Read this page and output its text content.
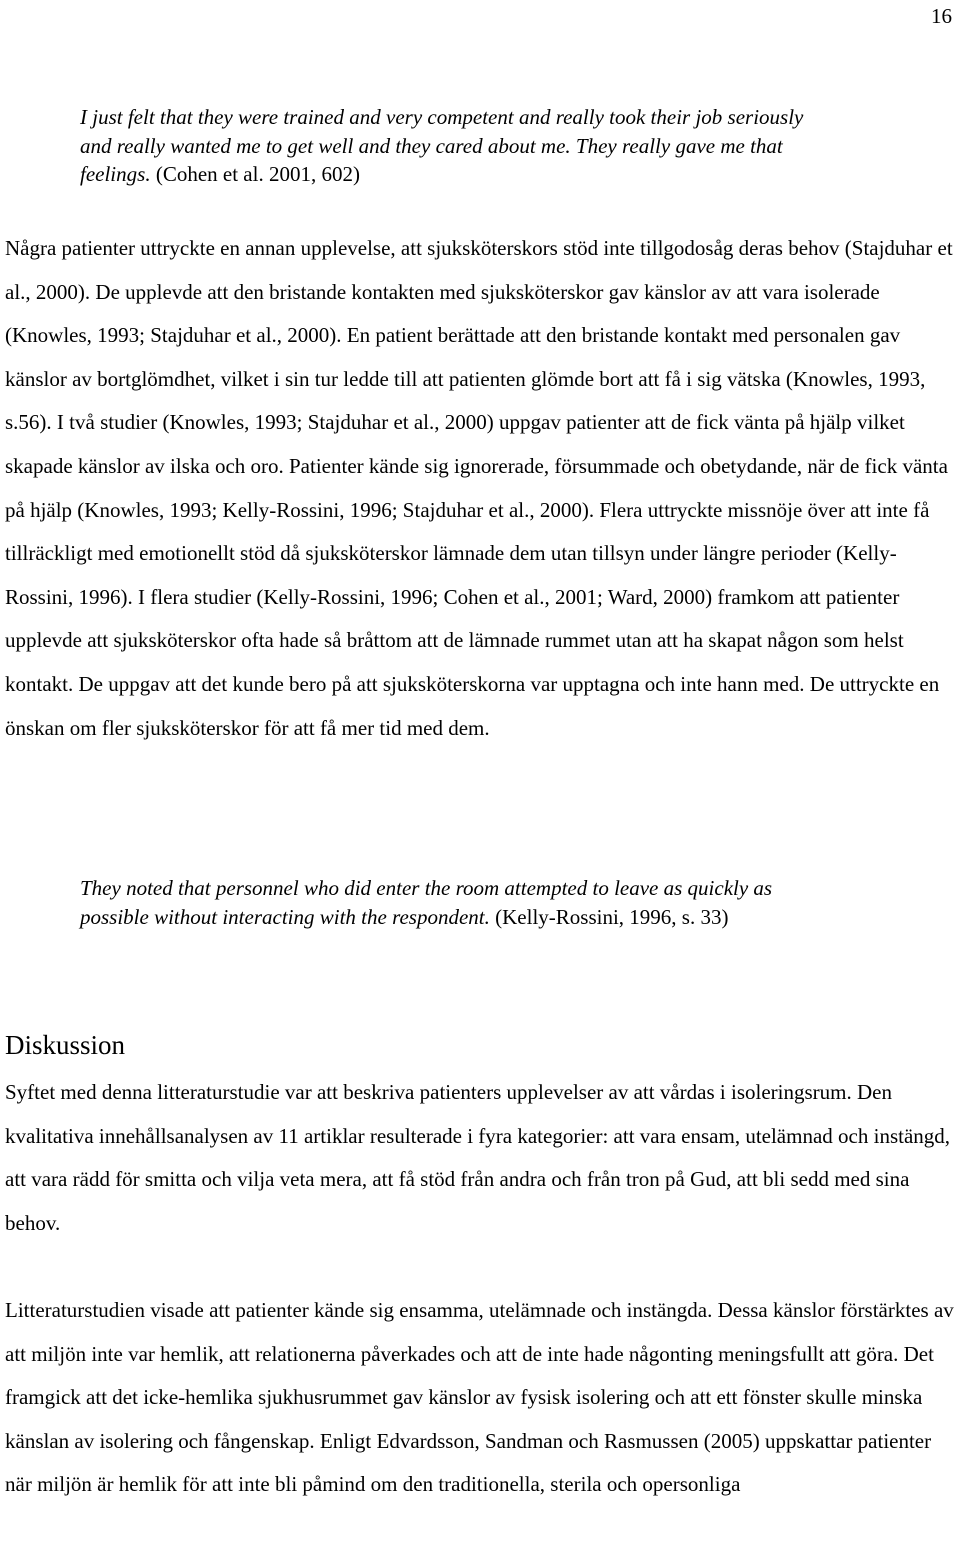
16
I just felt that they were trained and very competent and really took their job seriously and really wanted me to get well and they cared about me. They really gave me that feelings. (Cohen et al. 2001, 602)

Några patienter uttryckte en annan upplevelse, att sjuksköterskors stöd inte tillgodosåg deras behov (Stajduhar et al., 2000). De upplevde att den bristande kontakten med sjuksköterskor gav känslor av att vara isolerade (Knowles, 1993; Stajduhar et al., 2000). En patient berättade att den bristande kontakt med personalen gav känslor av bortglömdhet, vilket i sin tur ledde till att patienten glömde bort att få i sig vätska (Knowles, 1993, s.56). I två studier (Knowles, 1993; Stajduhar et al., 2000) uppgav patienter att de fick vänta på hjälp vilket skapade känslor av ilska och oro. Patienter kände sig ignorerade, försummade och obetydande, när de fick vänta på hjälp (Knowles, 1993; Kelly-Rossini, 1996; Stajduhar et al., 2000). Flera uttryckte missnöje över att inte få tillräckligt med emotionellt stöd då sjuksköterskor lämnade dem utan tillsyn under längre perioder (Kelly-Rossini, 1996). I flera studier (Kelly-Rossini, 1996; Cohen et al., 2001; Ward, 2000) framkom att patienter upplevde att sjuksköterskor ofta hade så bråttom att de lämnade rummet utan att ha skapat någon som helst kontakt. De uppgav att det kunde bero på att sjuksköterskorna var upptagna och inte hann med. De uttryckte en önskan om fler sjuksköterskor för att få mer tid med dem.

They noted that personnel who did enter the room attempted to leave as quickly as possible without interacting with the respondent. (Kelly-Rossini, 1996, s. 33)
Diskussion

Syftet med denna litteraturstudie var att beskriva patienters upplevelser av att vårdas i isoleringsrum. Den kvalitativa innehållsanalysen av 11 artiklar resulterade i fyra kategorier: att vara ensam, utelämnad och instängd, att vara rädd för smitta och vilja veta mera, att få stöd från andra och från tron på Gud, att bli sedd med sina behov.

Litteraturstudien visade att patienter kände sig ensamma, utelämnade och instängda. Dessa känslor förstärktes av att miljön inte var hemlik, att relationerna påverkades och att de inte hade någonting meningsfullt att göra. Det framgick att det icke-hemlika sjukhusrummet gav känslor av fysisk isolering och att ett fönster skulle minska känslan av isolering och fångenskap. Enligt Edvardsson, Sandman och Rasmussen (2005) uppskattar patienter när miljön är hemlik för att inte bli påmind om den traditionella, sterila och opersonliga
